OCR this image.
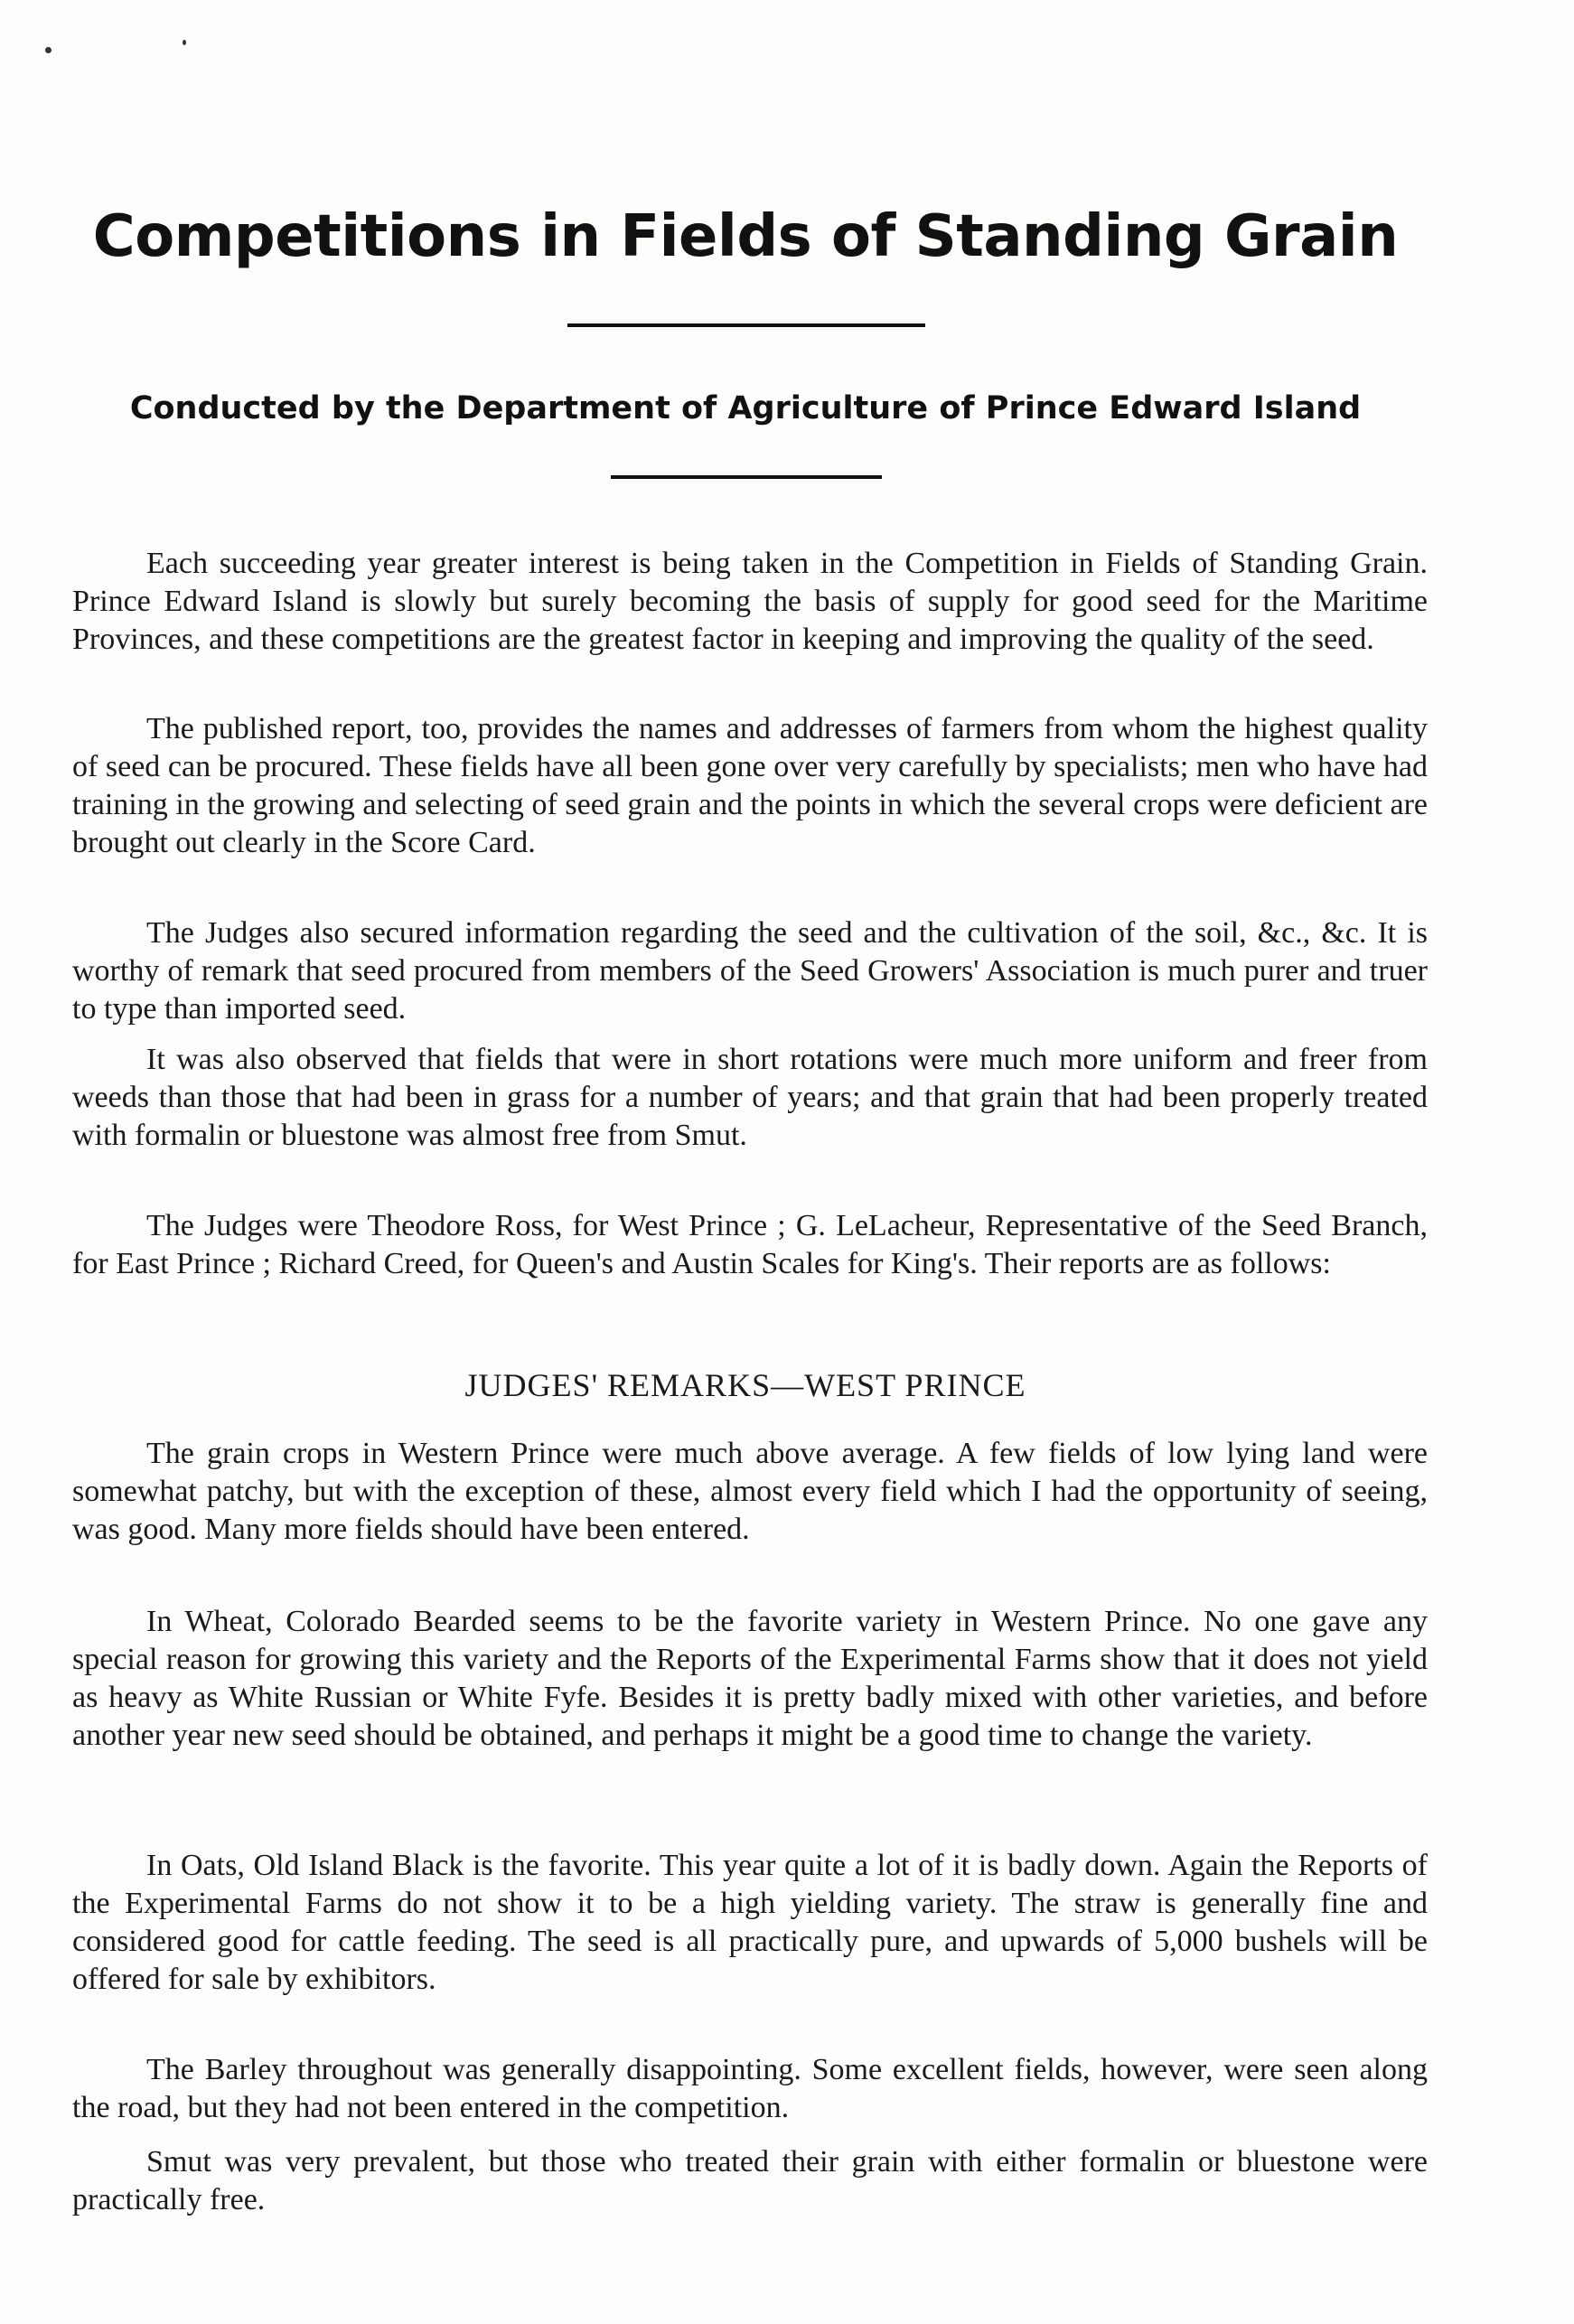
Competitions in Fields of Standing Grain
Conducted by the Department of Agriculture of Prince Edward Island

Each succeeding year greater interest is being taken in the Competition in Fields of Standing Grain. Prince Edward Island is slowly but surely becoming the basis of supply for good seed for the Maritime Provinces, and these competitions are the greatest factor in keeping and improving the quality of the seed.

The published report, too, provides the names and addresses of farmers from whom the highest quality of seed can be procured. These fields have all been gone over very carefully by specialists; men who have had training in the growing and selecting of seed grain and the points in which the several crops were deficient are brought out clearly in the Score Card.

The Judges also secured information regarding the seed and the cultivation of the soil, &c., &c. It is worthy of remark that seed procured from members of the Seed Growers' Association is much purer and truer to type than imported seed.

It was also observed that fields that were in short rotations were much more uniform and freer from weeds than those that had been in grass for a number of years; and that grain that had been properly treated with formalin or bluestone was almost free from Smut.

The Judges were Theodore Ross, for West Prince ; G. LeLacheur, Representative of the Seed Branch, for East Prince ; Richard Creed, for Queen's and Austin Scales for King's. Their reports are as follows:

JUDGES' REMARKS—WEST PRINCE

The grain crops in Western Prince were much above average. A few fields of low lying land were somewhat patchy, but with the exception of these, almost every field which I had the opportunity of seeing, was good. Many more fields should have been entered.

In Wheat, Colorado Bearded seems to be the favorite variety in Western Prince. No one gave any special reason for growing this variety and the Reports of the Experimental Farms show that it does not yield as heavy as White Russian or White Fyfe. Besides it is pretty badly mixed with other varieties, and before another year new seed should be obtained, and perhaps it might be a good time to change the variety.

In Oats, Old Island Black is the favorite. This year quite a lot of it is badly down. Again the Reports of the Experimental Farms do not show it to be a high yielding variety. The straw is generally fine and considered good for cattle feeding. The seed is all practically pure, and upwards of 5,000 bushels will be offered for sale by exhibitors.

The Barley throughout was generally disappointing. Some excellent fields, however, were seen along the road, but they had not been entered in the competition.

Smut was very prevalent, but those who treated their grain with either formalin or bluestone were practically free.
